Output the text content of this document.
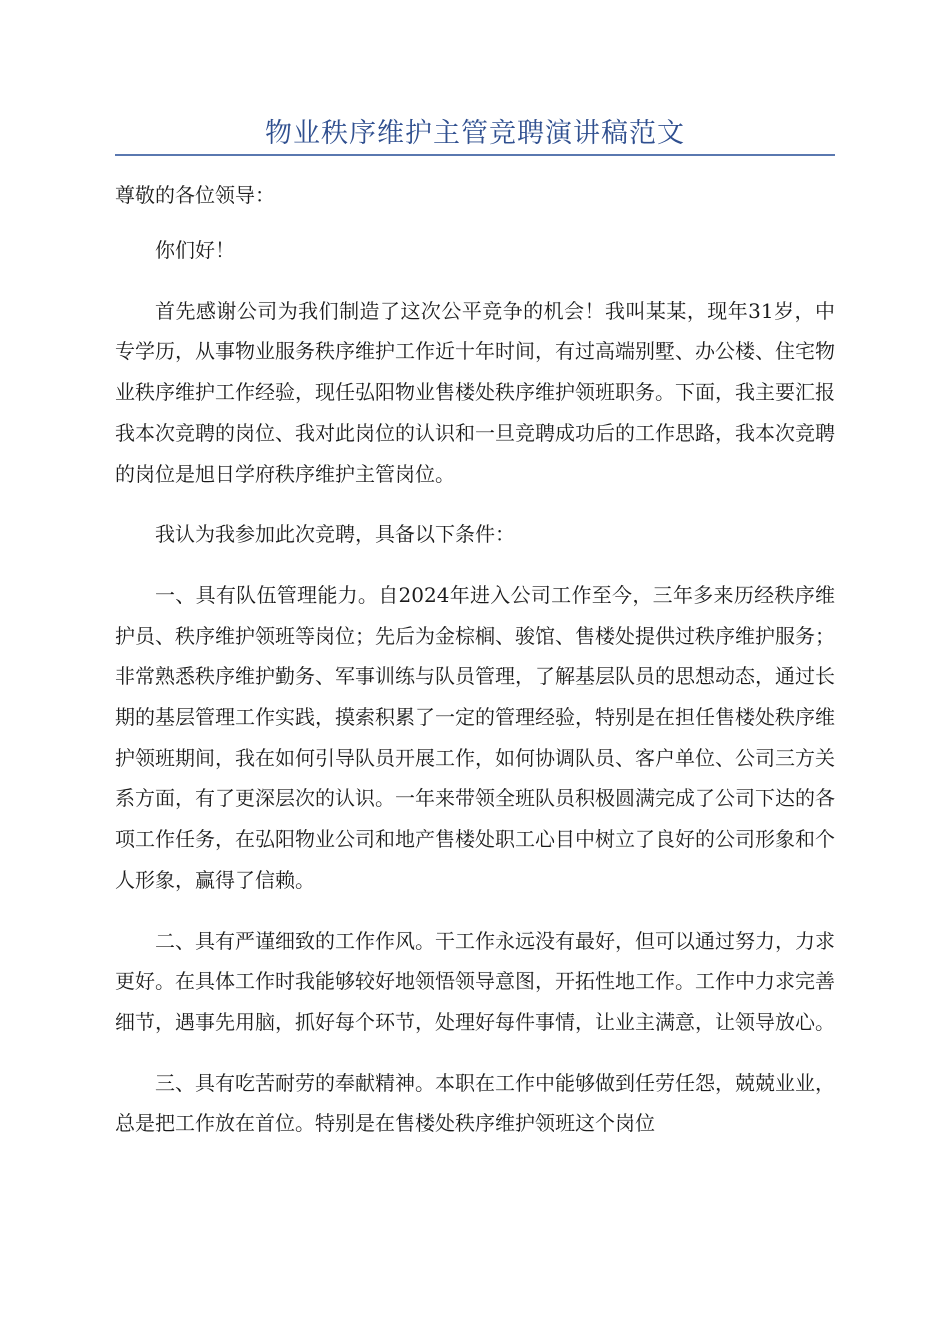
物业秩序维护主管竞聘演讲稿范文

尊敬的各位领导：

你们好！

首先感谢公司为我们制造了这次公平竞争的机会！我叫某某，现年31岁，中专学历，从事物业服务秩序维护工作近十年时间，有过高端别墅、办公楼、住宅物业秩序维护工作经验，现任弘阳物业售楼处秩序维护领班职务。下面，我主要汇报我本次竞聘的岗位、我对此岗位的认识和一旦竞聘成功后的工作思路，我本次竞聘的岗位是旭日学府秩序维护主管岗位。

我认为我参加此次竞聘，具备以下条件：

一、具有队伍管理能力。自2024年进入公司工作至今，三年多来历经秩序维护员、秩序维护领班等岗位；先后为金棕榈、骏馆、售楼处提供过秩序维护服务；非常熟悉秩序维护勤务、军事训练与队员管理，了解基层队员的思想动态，通过长期的基层管理工作实践，摸索积累了一定的管理经验，特别是在担任售楼处秩序维护领班期间，我在如何引导队员开展工作，如何协调队员、客户单位、公司三方关系方面，有了更深层次的认识。一年来带领全班队员积极圆满完成了公司下达的各项工作任务，在弘阳物业公司和地产售楼处职工心目中树立了良好的公司形象和个人形象，赢得了信赖。

二、具有严谨细致的工作作风。干工作永远没有最好，但可以通过努力，力求更好。在具体工作时我能够较好地领悟领导意图，开拓性地工作。工作中力求完善细节，遇事先用脑，抓好每个环节，处理好每件事情，让业主满意，让领导放心。

三、具有吃苦耐劳的奉献精神。本职在工作中能够做到任劳任怨，兢兢业业，总是把工作放在首位。特别是在售楼处秩序维护领班这个岗位
